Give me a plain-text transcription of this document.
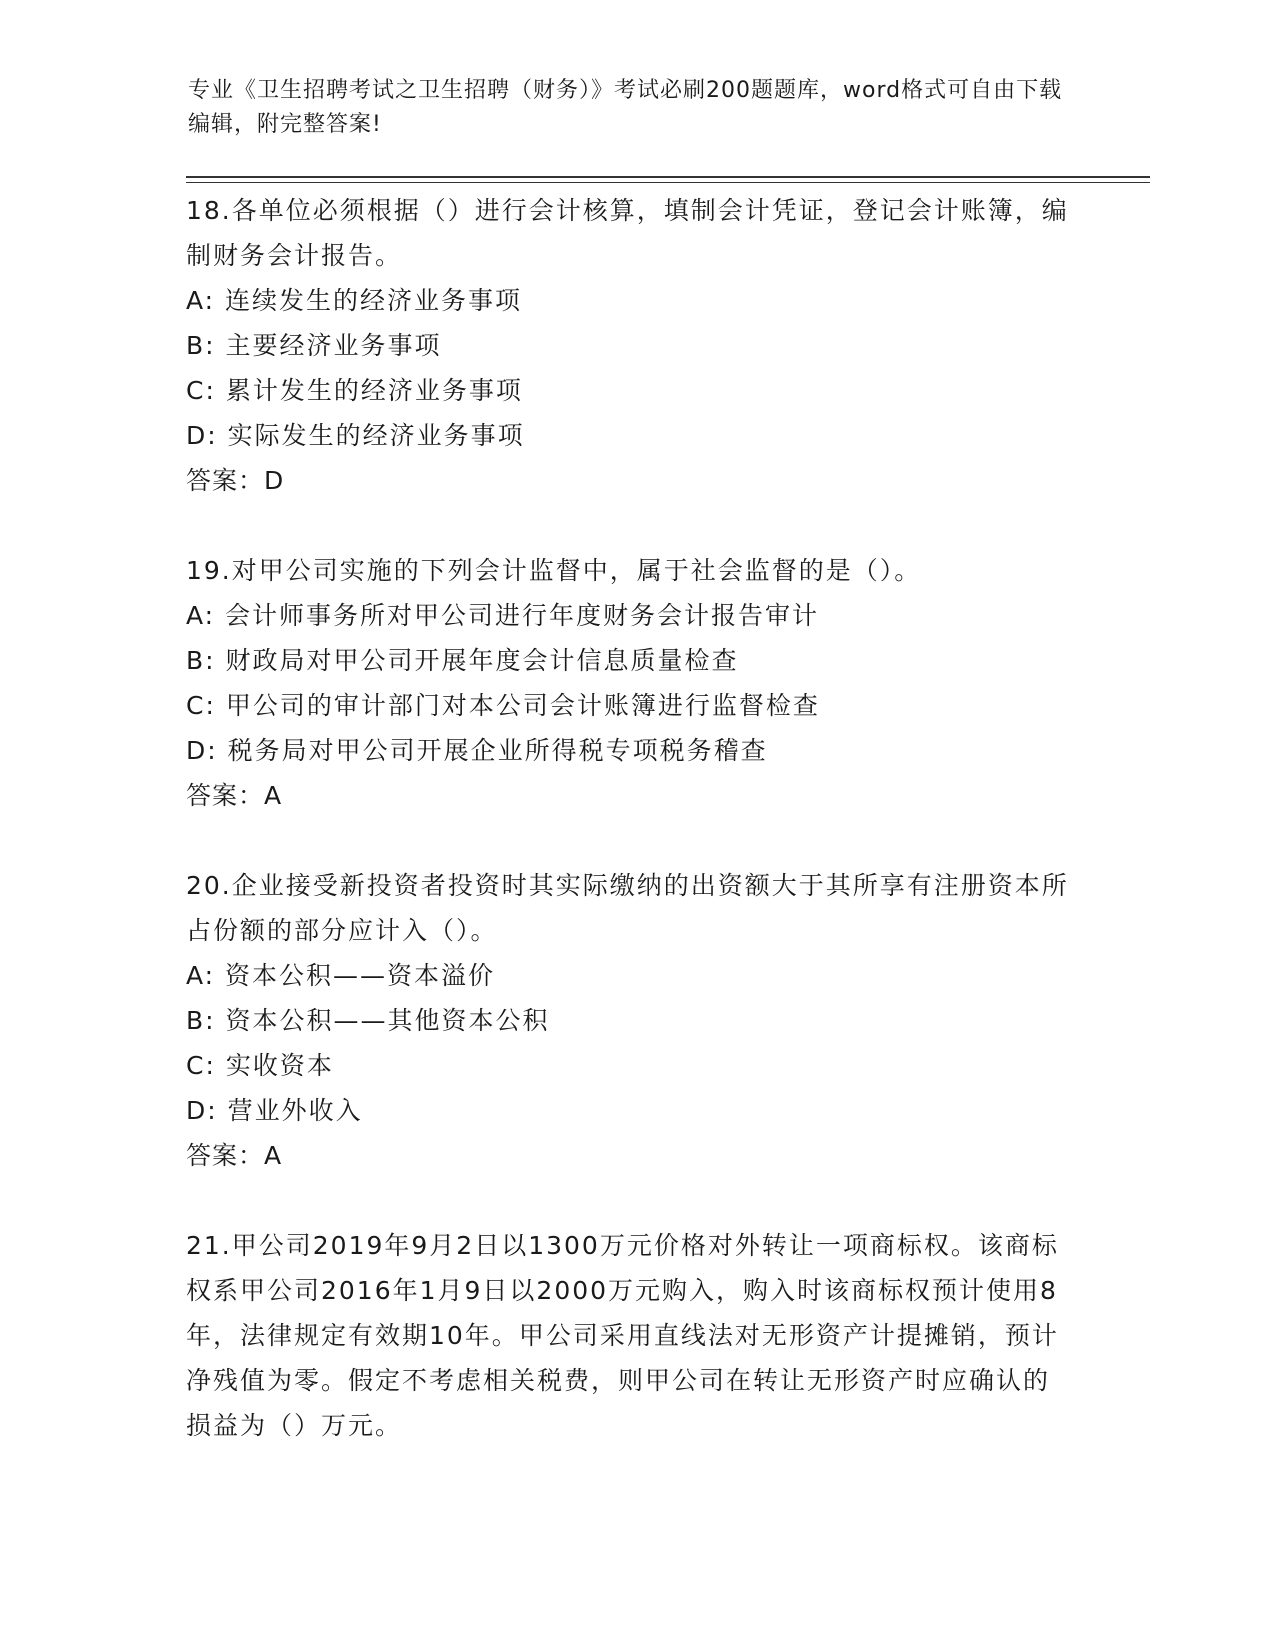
专业《卫生招聘考试之卫生招聘（财务）》考试必刷200题题库，word格式可自由下载编辑，附完整答案!

18.各单位必须根据（）进行会计核算，填制会计凭证，登记会计账簿，编制财务会计报告。

A: 连续发生的经济业务事项

B: 主要经济业务事项

C: 累计发生的经济业务事项

D: 实际发生的经济业务事项

答案：D

19.对甲公司实施的下列会计监督中，属于社会监督的是（）。

A: 会计师事务所对甲公司进行年度财务会计报告审计

B: 财政局对甲公司开展年度会计信息质量检查

C: 甲公司的审计部门对本公司会计账簿进行监督检查

D: 税务局对甲公司开展企业所得税专项税务稽查

答案：A

20.企业接受新投资者投资时其实际缴纳的出资额大于其所享有注册资本所占份额的部分应计入（）。

A: 资本公积——资本溢价

B: 资本公积——其他资本公积

C: 实收资本

D: 营业外收入

答案：A

21.甲公司2019年9月2日以1300万元价格对外转让一项商标权。该商标权系甲公司2016年1月9日以2000万元购入，购入时该商标权预计使用8年，法律规定有效期10年。甲公司采用直线法对无形资产计提摊销，预计净残值为零。假定不考虑相关税费，则甲公司在转让无形资产时应确认的损益为（）万元。
